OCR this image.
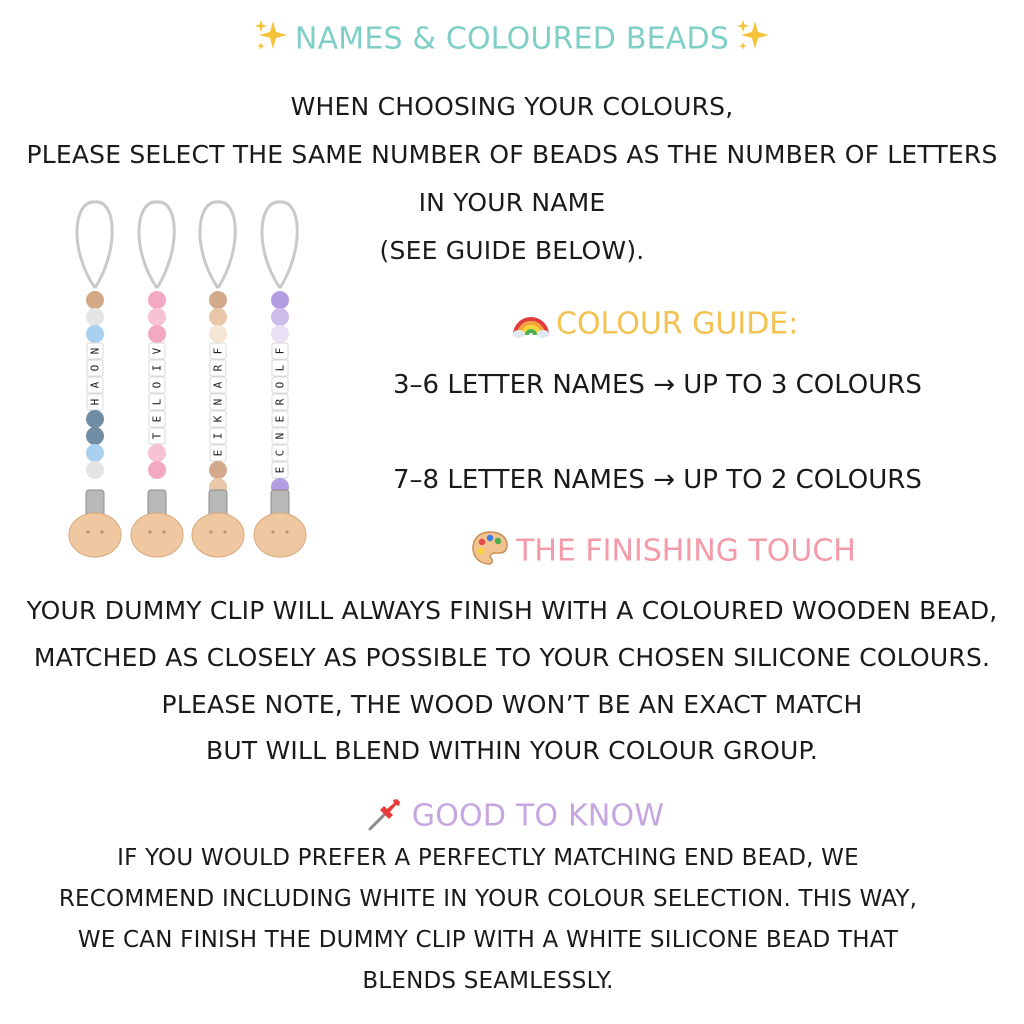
NAMES & COLOURED BEADS
WHEN CHOOSING YOUR COLOURS,
PLEASE SELECT THE SAME NUMBER OF BEADS AS THE NUMBER OF LETTERS
IN YOUR NAME
(SEE GUIDE BELOW).
N
O
A
H
V
I
O
L
E
T
F
R
A
N
K
I
E
F
L
O
R
E
N
C
E
COLOUR GUIDE:
3–6 LETTER NAMES → UP TO 3 COLOURS
7–8 LETTER NAMES → UP TO 2 COLOURS
THE FINISHING TOUCH
YOUR DUMMY CLIP WILL ALWAYS FINISH WITH A COLOURED WOODEN BEAD,
MATCHED AS CLOSELY AS POSSIBLE TO YOUR CHOSEN SILICONE COLOURS.
PLEASE NOTE, THE WOOD WON’T BE AN EXACT MATCH
BUT WILL BLEND WITHIN YOUR COLOUR GROUP.
GOOD TO KNOW
IF YOU WOULD PREFER A PERFECTLY MATCHING END BEAD, WE
RECOMMEND INCLUDING WHITE IN YOUR COLOUR SELECTION. THIS WAY,
WE CAN FINISH THE DUMMY CLIP WITH A WHITE SILICONE BEAD THAT
BLENDS SEAMLESSLY.
